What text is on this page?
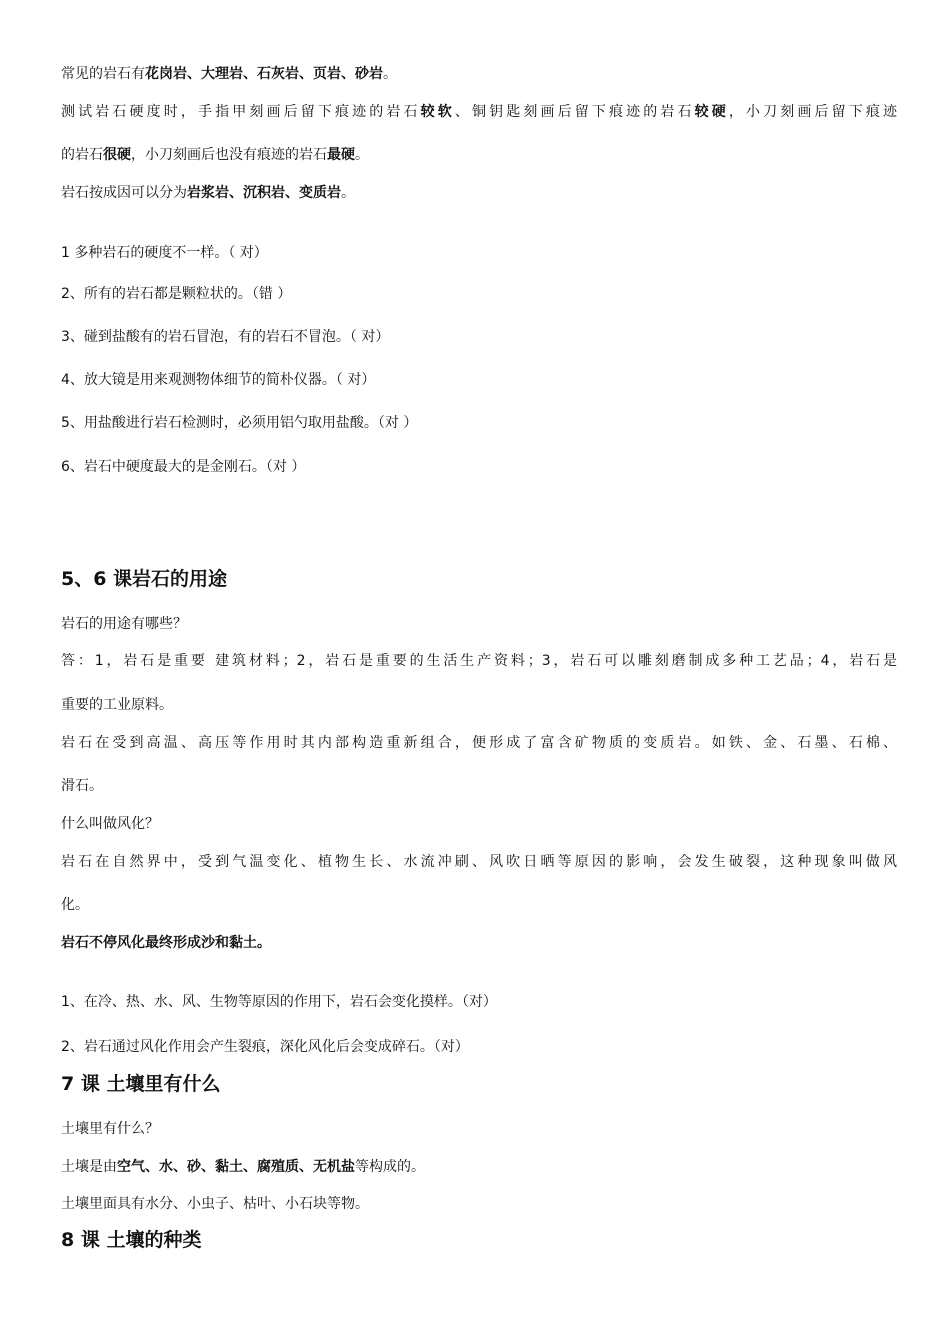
常见的岩石有花岗岩、大理岩、石灰岩、页岩、砂岩。
测试岩石硬度时，手指甲刻画后留下痕迹的岩石较软、铜钥匙刻画后留下痕迹的岩石较硬，小刀刻画后留下痕迹
的岩石很硬，小刀刻画后也没有痕迹的岩石最硬。
岩石按成因可以分为岩浆岩、沉积岩、变质岩。
1 多种岩石的硬度不一样。（ 对）
2、所有的岩石都是颗粒状的。（错 ）
3、碰到盐酸有的岩石冒泡，有的岩石不冒泡。（ 对）
4、放大镜是用来观测物体细节的简朴仪器。（ 对）
5、用盐酸进行岩石检测时，必须用铝勺取用盐酸。（对 ）
6、岩石中硬度最大的是金刚石。（对 ）
5、6 课岩石的用途
岩石的用途有哪些？
答：1，岩石是重要 建筑材料；2，岩石是重要的生活生产资料；3，岩石可以雕刻磨制成多种工艺品；4，岩石是
重要的工业原料。
岩石在受到高温、高压等作用时其内部构造重新组合，便形成了富含矿物质的变质岩。如铁、金、石墨、石棉、
滑石。
什么叫做风化？
岩石在自然界中，受到气温变化、植物生长、水流冲刷、风吹日晒等原因的影响，会发生破裂，这种现象叫做风
化。
岩石不停风化最终形成沙和黏土。
1、在冷、热、水、风、生物等原因的作用下，岩石会变化摸样。（对）
2、岩石通过风化作用会产生裂痕，深化风化后会变成碎石。（对）
7 课 土壤里有什么
土壤里有什么？
土壤是由空气、水、砂、黏土、腐殖质、无机盐等构成的。
土壤里面具有水分、小虫子、枯叶、小石块等物。
8 课 土壤的种类
